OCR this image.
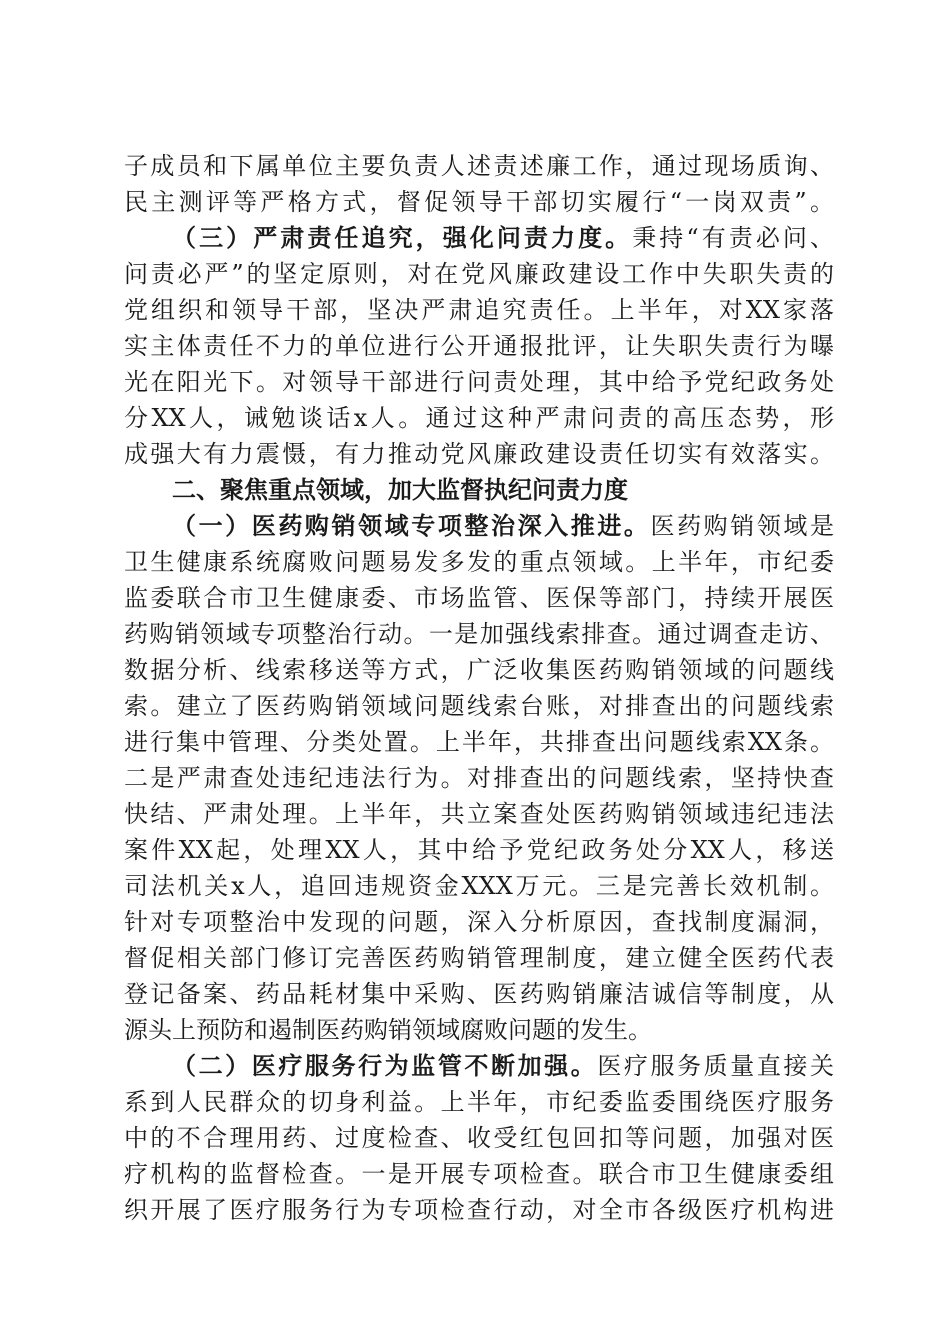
子成员和下属单位主要负责人述责述廉工作，通过现场质询、
民主测评等严格方式，督促领导干部切实履行“一岗双责”。
（三）严肃责任追究，强化问责力度。秉持“有责必问、
问责必严”的坚定原则，对在党风廉政建设工作中失职失责的
党组织和领导干部，坚决严肃追究责任。上半年，对XX家落
实主体责任不力的单位进行公开通报批评，让失职失责行为曝
光在阳光下。对领导干部进行问责处理，其中给予党纪政务处
分XX人，诫勉谈话x人。通过这种严肃问责的高压态势，形
成强大有力震慑，有力推动党风廉政建设责任切实有效落实。
二、聚焦重点领域，加大监督执纪问责力度
（一）医药购销领域专项整治深入推进。医药购销领域是
卫生健康系统腐败问题易发多发的重点领域。上半年，市纪委
监委联合市卫生健康委、市场监管、医保等部门，持续开展医
药购销领域专项整治行动。一是加强线索排查。通过调查走访、
数据分析、线索移送等方式，广泛收集医药购销领域的问题线
索。建立了医药购销领域问题线索台账，对排查出的问题线索
进行集中管理、分类处置。上半年，共排查出问题线索XX条。
二是严肃查处违纪违法行为。对排查出的问题线索，坚持快查
快结、严肃处理。上半年，共立案查处医药购销领域违纪违法
案件XX起，处理XX人，其中给予党纪政务处分XX人，移送
司法机关x人，追回违规资金XXX万元。三是完善长效机制。
针对专项整治中发现的问题，深入分析原因，查找制度漏洞，
督促相关部门修订完善医药购销管理制度，建立健全医药代表
登记备案、药品耗材集中采购、医药购销廉洁诚信等制度，从
源头上预防和遏制医药购销领域腐败问题的发生。
（二）医疗服务行为监管不断加强。医疗服务质量直接关
系到人民群众的切身利益。上半年，市纪委监委围绕医疗服务
中的不合理用药、过度检查、收受红包回扣等问题，加强对医
疗机构的监督检查。一是开展专项检查。联合市卫生健康委组
织开展了医疗服务行为专项检查行动，对全市各级医疗机构进
